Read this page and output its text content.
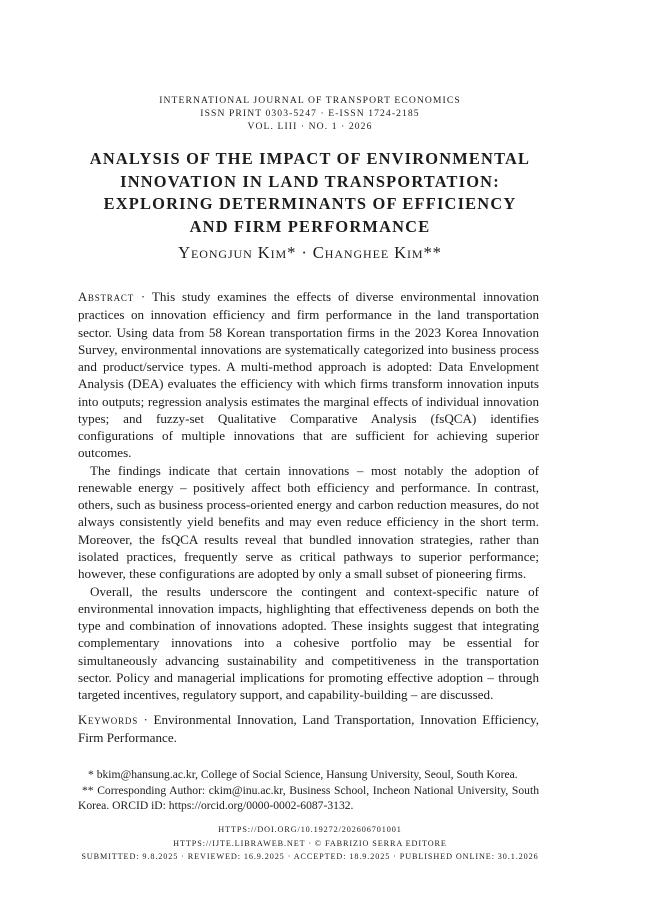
INTERNATIONAL JOURNAL OF TRANSPORT ECONOMICS
ISSN PRINT 0303-5247 · E-ISSN 1724-2185
VOL. LIII · NO. 1 · 2026
ANALYSIS OF THE IMPACT OF ENVIRONMENTAL
INNOVATION IN LAND TRANSPORTATION:
EXPLORING DETERMINANTS OF EFFICIENCY
AND FIRM PERFORMANCE
Yeongjun Kim* · Changhee Kim**

Abstract · This study examines the effects of diverse environmental innovation practices on innovation efficiency and firm performance in the land transportation sector. Using data from 58 Korean transportation firms in the 2023 Korea Innovation Survey, environmental innovations are systematically categorized into business process and product/service types. A multi-method approach is adopted: Data Envelopment Analysis (DEA) evaluates the efficiency with which firms transform innovation inputs into outputs; regression analysis estimates the marginal effects of individual innovation types; and fuzzy-set Qualitative Comparative Analysis (fsQCA) identifies configurations of multiple innovations that are sufficient for achieving superior outcomes.

The findings indicate that certain innovations – most notably the adoption of renewable energy – positively affect both efficiency and performance. In contrast, others, such as business process-oriented energy and carbon reduction measures, do not always consistently yield benefits and may even reduce efficiency in the short term. Moreover, the fsQCA results reveal that bundled innovation strategies, rather than isolated practices, frequently serve as critical pathways to superior performance; however, these configurations are adopted by only a small subset of pioneering firms.

Overall, the results underscore the contingent and context-specific nature of environmental innovation impacts, highlighting that effectiveness depends on both the type and combination of innovations adopted. These insights suggest that integrating complementary innovations into a cohesive portfolio may be essential for simultaneously advancing sustainability and competitiveness in the transportation sector. Policy and managerial implications for promoting effective adoption – through targeted incentives, regulatory support, and capability-building – are discussed.

Keywords · Environmental Innovation, Land Transportation, Innovation Efficiency, Firm Performance.

* bkim@hansung.ac.kr, College of Social Science, Hansung University, Seoul, South Korea.

** Corresponding Author: ckim@inu.ac.kr, Business School, Incheon National University, South Korea. ORCID iD: https://orcid.org/0000-0002-6087-3132.

HTTPS://DOI.ORG/10.19272/202606701001
HTTPS://IJTE.LIBRAWEB.NET · © FABRIZIO SERRA EDITORE
SUBMITTED: 9.8.2025 · REVIEWED: 16.9.2025 · ACCEPTED: 18.9.2025 · PUBLISHED ONLINE: 30.1.2026
